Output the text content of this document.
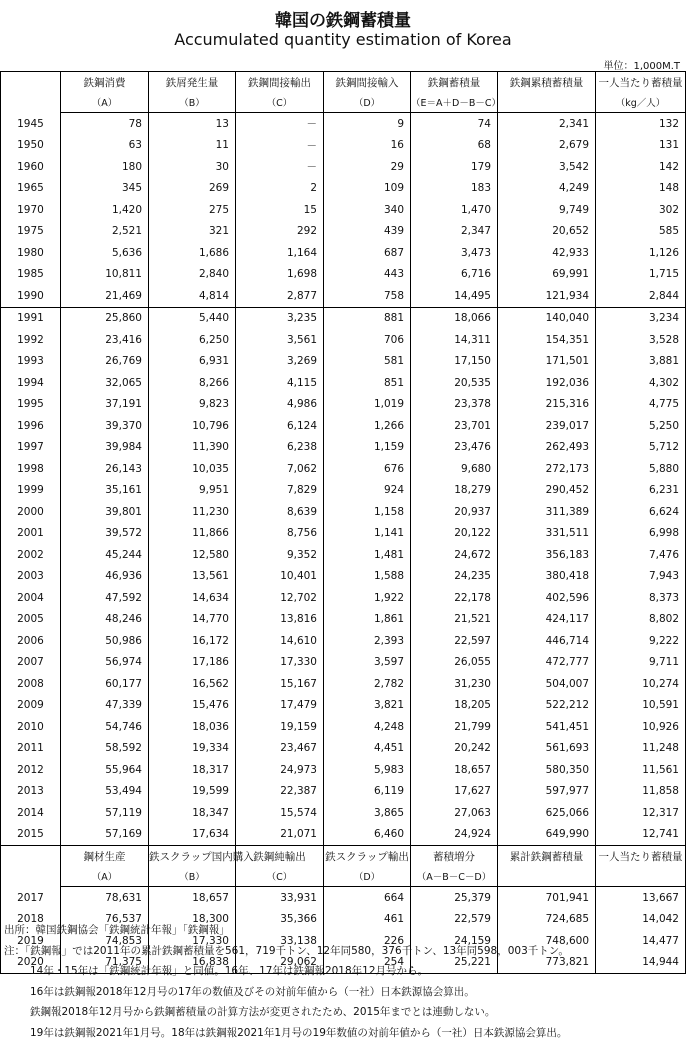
韓国の鉄鋼蓄積量
Accumulated quantity estimation of Korea
単位：1,000M.T
	鉄鋼消費	鉄屑発生量	鉄鋼間接輸出	鉄鋼間接輸入	鉄鋼蓄積量	鉄鋼累積蓄積量	一人当たり蓄積量
	（A）	（B）	（C）	（D）	（E＝A＋D－B－C）		（kg／人）
1945	78	13	－	9	74	2,341	132
1950	63	11	－	16	68	2,679	131
1960	180	30	－	29	179	3,542	142
1965	345	269	2	109	183	4,249	148
1970	1,420	275	15	340	1,470	9,749	302
1975	2,521	321	292	439	2,347	20,652	585
1980	5,636	1,686	1,164	687	3,473	42,933	1,126
1985	10,811	2,840	1,698	443	6,716	69,991	1,715
1990	21,469	4,814	2,877	758	14,495	121,934	2,844
1991	25,860	5,440	3,235	881	18,066	140,040	3,234
1992	23,416	6,250	3,561	706	14,311	154,351	3,528
1993	26,769	6,931	3,269	581	17,150	171,501	3,881
1994	32,065	8,266	4,115	851	20,535	192,036	4,302
1995	37,191	9,823	4,986	1,019	23,378	215,316	4,775
1996	39,370	10,796	6,124	1,266	23,701	239,017	5,250
1997	39,984	11,390	6,238	1,159	23,476	262,493	5,712
1998	26,143	10,035	7,062	676	9,680	272,173	5,880
1999	35,161	9,951	7,829	924	18,279	290,452	6,231
2000	39,801	11,230	8,639	1,158	20,937	311,389	6,624
2001	39,572	11,866	8,756	1,141	20,122	331,511	6,998
2002	45,244	12,580	9,352	1,481	24,672	356,183	7,476
2003	46,936	13,561	10,401	1,588	24,235	380,418	7,943
2004	47,592	14,634	12,702	1,922	22,178	402,596	8,373
2005	48,246	14,770	13,816	1,861	21,521	424,117	8,802
2006	50,986	16,172	14,610	2,393	22,597	446,714	9,222
2007	56,974	17,186	17,330	3,597	26,055	472,777	9,711
2008	60,177	16,562	15,167	2,782	31,230	504,007	10,274
2009	47,339	15,476	17,479	3,821	18,205	522,212	10,591
2010	54,746	18,036	19,159	4,248	21,799	541,451	10,926
2011	58,592	19,334	23,467	4,451	20,242	561,693	11,248
2012	55,964	18,317	24,973	5,983	18,657	580,350	11,561
2013	53,494	19,599	22,387	6,119	17,627	597,977	11,858
2014	57,119	18,347	15,574	3,865	27,063	625,066	12,317
2015	57,169	17,634	21,071	6,460	24,924	649,990	12,741
	鋼材生産	鉄スクラップ国内購入	鉄鋼純輸出	鉄スクラップ輸出	蓄積増分	累計鉄鋼蓄積量	一人当たり蓄積量
	（A）	（B）	（C）	（D）	（A－B－C－D）		
2017	78,631	18,657	33,931	664	25,379	701,941	13,667
2018	76,537	18,300	35,366	461	22,579	724,685	14,042
2019	74,853	17,330	33,138	226	24,159	748,600	14,477
2020	71,375	16,838	29,062	254	25,221	773,821	14,944
出所：韓国鉄鋼協会「鉄鋼統計年報」「鉄鋼報」
注：「鉄鋼報」では2011年の累計鉄鋼蓄積量を561，719千トン、12年同580，376千トン、13年同598，003千トン。
14年・15年は「鉄鋼統計年報」と同値。16年、17年は鉄鋼報2018年12月号から。
16年は鉄鋼報2018年12月号の17年の数値及びその対前年値から（一社）日本鉄源協会算出。
鉄鋼報2018年12月号から鉄鋼蓄積量の計算方法が変更されたため、2015年までとは連動しない。
19年は鉄鋼報2021年1月号。18年は鉄鋼報2021年1月号の19年数値の対前年値から（一社）日本鉄源協会算出。
